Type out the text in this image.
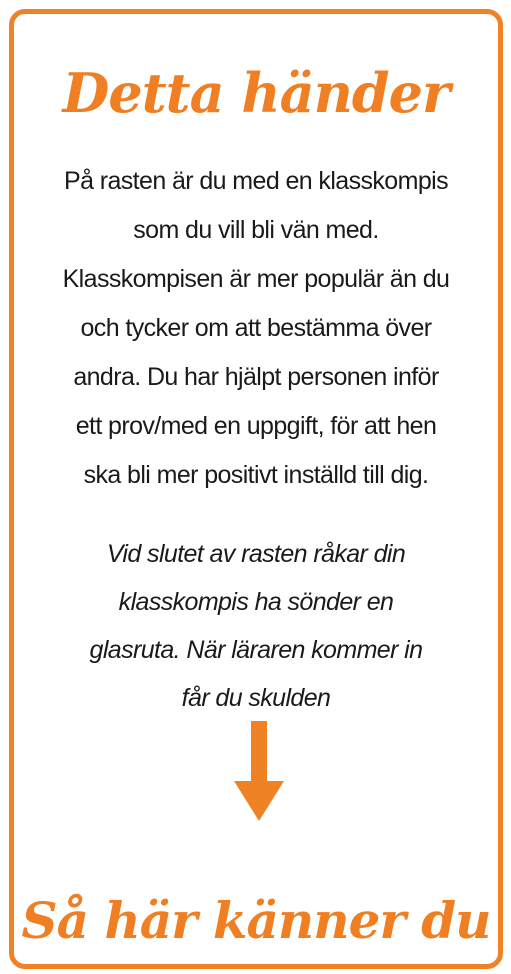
Detta händer

På rasten är du med en klasskompis
som du vill bli vän med.
Klasskompisen är mer populär än du
och tycker om att bestämma över
andra. Du har hjälpt personen inför
ett prov/med en uppgift, för att hen
ska bli mer positivt inställd till dig.

Vid slutet av rasten råkar din
klasskompis ha sönder en
glasruta. När läraren kommer in
får du skulden

Så här känner du
